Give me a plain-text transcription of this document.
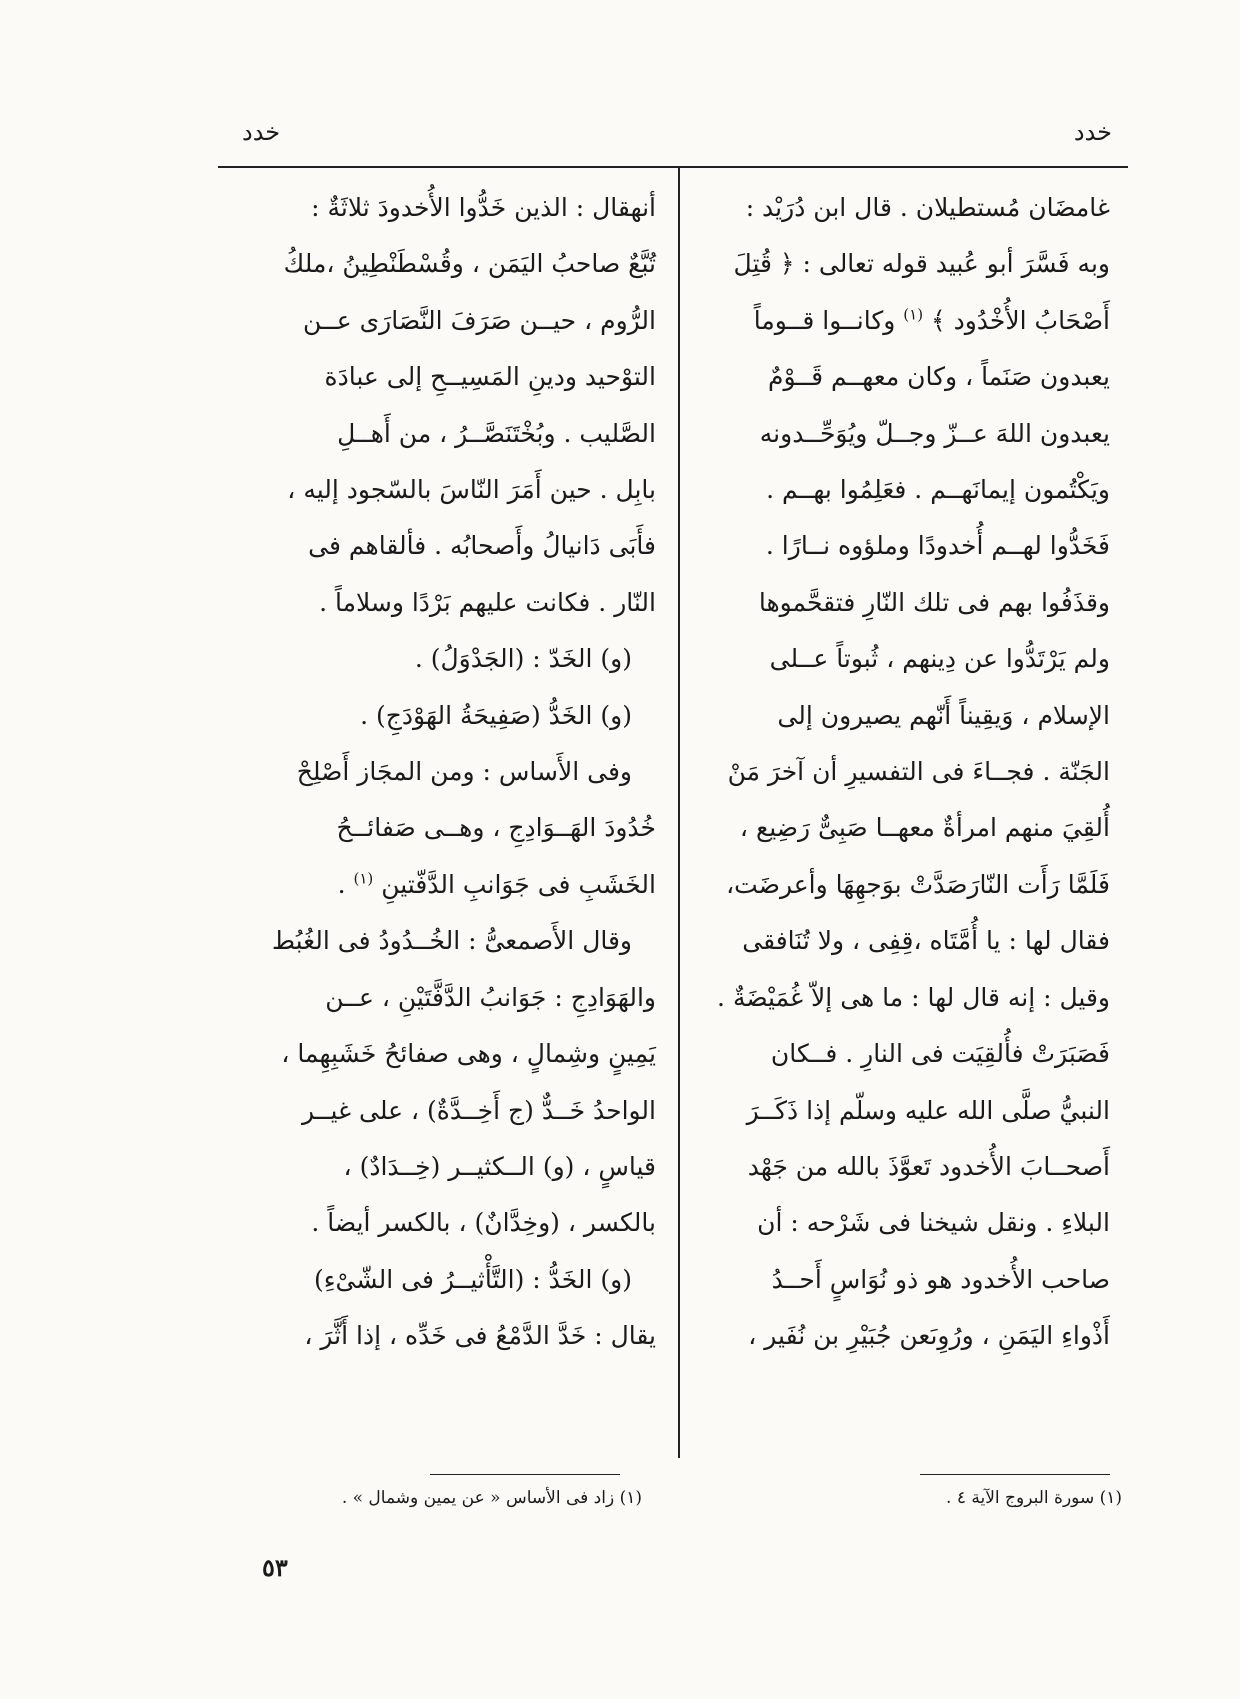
خدد
خدد

غامضَان مُستطيلان . قال ابن دُرَيْد :

وبه فَسَّرَ أبو عُبيد قوله تعالى : ﴿ قُتِلَ

أَصْحَابُ الأُخْدُود ﴾ $^{(١)}$ وكانــوا قــوماً

يعبدون صَنَماً ، وكان معهــم قَــوْمٌ

يعبدون اللهَ عــزّ وجــلّ ويُوَحِّــدونه

ويَكْتُمون إيمانَهــم . فعَلِمُوا بهــم .

فَخَدُّوا لهــم أُخدودًا وملؤوه نــارًا .

وقذَفُوا بهم فى تلك النّارِ فتقحَّموها

ولم يَرْتَدُّوا عن دِينهم ، ثُبوتاً عــلى

الإسلام ، وَيقِيناً أَنّهم يصيرون إلى

الجَنّة . فجــاءَ فى التفسيرِ أن آخرَ مَنْ

أُلقِيَ منهم امرأةٌ معهــا صَبِىٌّ رَضِيع ،

فَلَمَّا رَأَت النّارَصَدَّتْ بوَجهِهَا وأعرضَت،

فقال لها : يا أُمَّتَاه ،قِفِى ، ولا تُنَافقى

وقيل : إنه قال لها : ما هى إلاّ غُمَيْضَةٌ .

فَصَبَرَتْ فأُلقِيَت فى النارِ . فــكان

النبيُّ صلَّى الله عليه وسلّم إذا ذَكَــرَ

أَصحــابَ الأُخدود تَعوَّذَ بالله من جَهْد

البلاءِ . ونقل شيخنا فى شَرْحه : أن

صاحب الأُخدود هو ذو نُوَاسٍ أَحــدُ

أَذْواءِ اليَمَنِ ، ورُوِىَعن جُبَيْرِ بن نُفَير ،

أنهقال : الذين خَدُّوا الأُخدودَ ثلاثَةٌ :

تُبَّعٌ صاحبُ اليَمَن ، وقُسْطَنْطِينُ ،ملكُ

الرُّوم ، حيــن صَرَفَ النَّصَارَى عــن

التوْحيد ودينِ المَسِيــحِ إلى عبادَة

الصَّليب . وبُخْتَنَصَّــرُ ، من أَهــلِ

بابِل . حين أَمَرَ النّاسَ بالسّجود إليه ،

فأَبَى دَانيالُ وأَصحابُه . فألقاهم فى

النّار . فكانت عليهم بَرْدًا وسلاماً .

(و) الخَدّ : (الجَدْوَلُ) .

(و) الخَدُّ (صَفِيحَةُ الهَوْدَجِ) .

وفى الأَساس : ومن المجَاز أَصْلِحْ

خُدُودَ الهَــوَادِجِ ، وهــى صَفائــحُ

الخَشَبِ فى جَوَانبِ الدَّفّتينِ $^{(١)}$ .

وقال الأَصمعىُّ : الخُــدُودُ فى الغُبُط

والهَوَادِجِ : جَوَانبُ الدَّفَّتَيْنِ ، عــن

يَمِينٍ وشِمالٍ ، وهى صفائحُ خَشَبِهِما ،

الواحدُ خَــدٌّ (ج أَخِــدَّةٌ) ، على غيــر

قياسٍ ، (و) الــكثيــر (خِــدَادٌ) ،

بالكسر ، (وخِدَّانٌ) ، بالكسر أيضاً .

(و) الخَدُّ : (التَّأْثيــرُ فى الشّىْءِ)

يقال : خَدَّ الدَّمْعُ فى خَدِّه ، إذا أَثَّرَ ،

(١) سورة البروج الآية ٤ .
(١) زاد فى الأساس « عن يمين وشمال » .
٥٣
